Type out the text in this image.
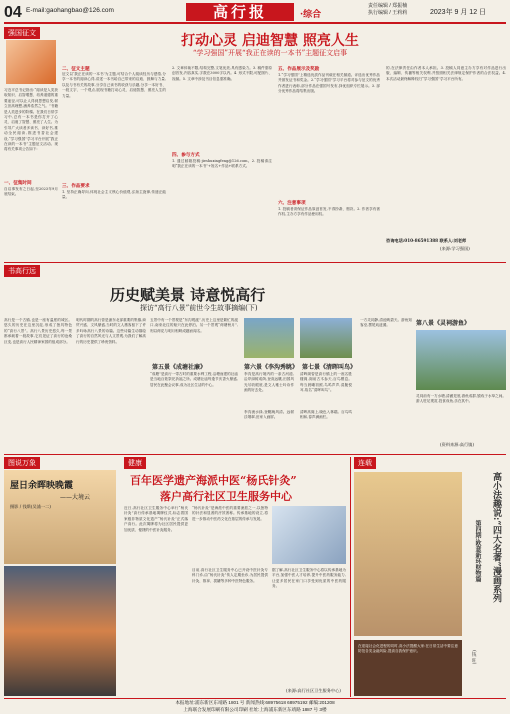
04 E-mail:gaohangbao@126.com	高行报	·综合
责任编辑 / 郑振楠
执行编辑 / 王莉莉	2023年 9 月 12 日
强国征文	打动心灵 启迪智慧 照亮人生
“学习强国”开展“我正在读的一本书”主题征文启事
习近平总书记指出:“阅读是人类获取知识、启智增慧、培养道德的重要途径,可以让人得到思想启发,树立崇高理想,涵养浩然之气。”书籍是人类进步的阶梯。在我们日常学习中,总有一本书是你打开了心灵、启迪了智慧、照亮了人生。为引导广大读者多读书、读好书,推动全民阅读,推进书香社会建设,“学习强国”学习平台开展“我正在读的一本书”主题征文活动。现将有关事项公告如下:
一、征集时间
自启事发布之日起,至2023年9月底结束。
二、征文主题
征文以‘我正在读的一本书’为主题,可结合个人阅读经历与感悟,分享一本书的阅读心得,讲述一本书给自己带来的启迪、鼓舞与力量,以及与书有关的故事,分享自己读书的收获与乐趣,分享一本好书、一段文字、一个观点,展现书籍打动心灵、启迪智慧、照亮人生的力量。
三、作品要求
1. 坚持正确导向,体现社会主义核心价值观,弘扬主旋律,传递正能量。
2. 文章体裁不限,结构完整,文笔优美,具有感染力。3. 稿件需原创首发,内容真实,字数在3000字以内。4. 形式不限,可配图片、视频。5. 文章中涉及书目信息需准确。
四、参与方式
1. 通过邮箱投稿:jieshuxingfeng@126.com。2. 投稿请注明“我正在读的一本书”+姓名+作品+联系方式。
五、作品展示及奖励
1.“学习强国”上精选优质作品刊载在相关频道。评选出优秀作品并颁发证书和奖金。2.“学习强国”学习平台将对参与征文的优秀作者进行表彰,部分作品在强国号发布,择优组织专栏展示。3. 部分优秀作品将结集出版。
六、注意事项
1. 投稿者须保证作品原创首发,不得抄袭、剽窃。2. 作者享有著作权,主办方享有作品使用权。
的,在法律责任由作者本人承担。3. 投稿人同意主办方享有对作品进行出版、编辑、传播等相关权利,并按照相关法律规定保护作者的合法权益。4. 本次活动最终解释权归“学习强国”学习平台所有。
咨询电话:010-86591388 联系人:刘老师
(来源:学习强国)
书高行远
历史赋美景 诗意悦高行
探访“高行八景”前世今生故事摘编(下)
高行是一个古镇,也是一座有温度的城区。悠久的历史在这里沉淀,形成了独具特色的“高行八景”。高行八景历史悠久,每一景都承载着一段故事,它们见证了高行的沧桑巨变,也是高行人民精神家园的组成部分。
明代时期的高行曾是浦东北部重要的集镇,商贸兴盛、文风鼎盛,当时的文人墨客留下了许多吟咏高行八景的诗篇。这些诗篇生动描绘了高行的自然风光与人文景观,为我们了解高行的历史提供了珍贵资料。
五景中有一个景观是“东沟观渡”,历史上这里是繁忙的渡口,南来北往的船只在此停泊。另一个景观“荷塘秋月”,则以荷花与明月相映成趣而闻名。
第五景《成塘社廉》
“成塘”是高行一带古时的重要水利工程,沿塘而建的社庙是当地百姓祭祀祈福之所。成塘社庙每逢节庆香火鼎盛,居民在此聚会议事,成为社区生活的中心。
第六景《李沟秀眺》
李沟是高行境内的一条古河道,沿岸绿树成荫,登高远眺,田园风光尽收眼底,是文人雅士吟诗作画的好去处。
李沟流水绿,登眺晚风清。远树浮烟翠,田家入画屏。
第七景《清晖叫鸟》
清晖阁曾是高行镇上的一座名胜楼阁,阁前古木参天,百鸟栖息。每当晨曦初照,鸟鸣声声,清脆悦耳,故名“清晖叫鸟”。
清晖高阁上,晓色入林端。百鸟鸣相和,春声满画栏。
一方灵祠静,清池映碧天。游鱼知客至,摆尾戏涟漪。	第八景《灵祠游鱼》
灵祠前有一方水塘,清澈见底,游鱼成群,嬉戏于水草之间。游人驻足观赏,投食戏鱼,乐在其中。
(资料来源:高行镇)
图说万象
屋日余晖映晚霞
——大境云
摄影 / 钱斯(吴浦一二)
健康
百年医学遗产海派中医“杨氏针灸”
落户高行社区卫生服务中心
近日,高行社区卫生服务中心举行“杨氏针灸”高行传承基地揭牌仪式,标志着国家级非物质文化遗产“杨氏针灸”正式落户高行。此次揭牌将为社区居民提供更加优质、便捷的中医针灸服务。
“杨氏针灸”是海派中医的重要流派之一,以独特的针法和显著的疗效著称。传承基地的设立,将进一步推动中医药文化在基层的传承与发展。
目前,高行社区卫生服务中心已开设中医针灸专科门诊,由“杨氏针灸”传人定期坐诊,为居民提供针灸、推拿、拔罐等多种中医特色服务。
据了解,高行社区卫生服务中心将以传承基地为平台,加强中医人才培养,提升中医药服务能力,让更多居民在家门口享受到优质的中医药服务。
(来源:高行社区卫生服务中心)
连载
在迎接社会化进程的同时,高小法提醒大家:在日常生活中要注意防范各类金融风险,提高自我保护意识。
高小法趣说:“四大名著”漫画系列
第四期:欧意新环财物篇
(钱 旺)
本报地址:浦东新区东靖路 1801 号 新闻热线:68975618 68975192 邮编:201208
上海联合发展印刷有限公司印刷 社址:上海浦东新区东靖路 1887 号 3楼
